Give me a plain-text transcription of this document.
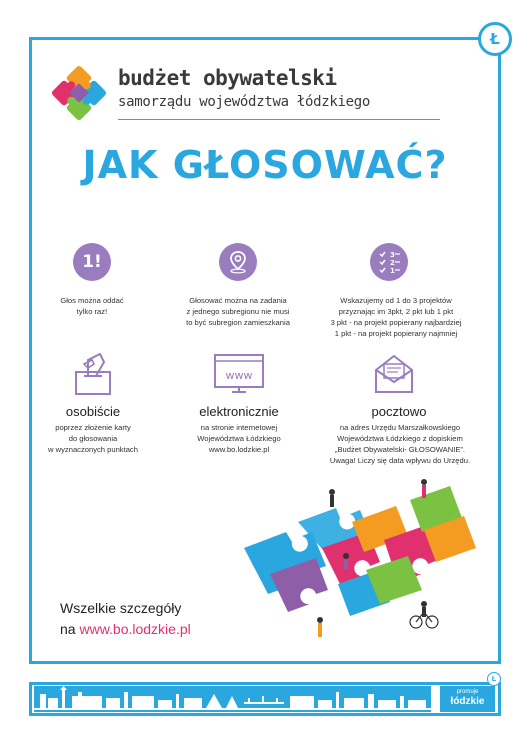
Ł
budżet obywatelski
samorządu województwa łódzkiego
JAK GŁOSOWAĆ?
1!	3
2
1
Głos można oddać
tylko raz!
Głosować można na zadania
z jednego subregionu nie musi
to być subregion zamieszkania
Wskazujemy od 1 do 3 projektów
przyznając im 3pkt, 2 pkt lub 1 pkt
3 pkt - na projekt popierany najbardziej
1 pkt - na projekt popierany najmniej
www
osobiście	elektronicznie	pocztowo
poprzez złożenie karty
do głosowania
w wyznaczonych punktach
na stronie internetowej
Województwa Łódzkiego
www.bo.lodzkie.pl
na adres Urzędu Marszałkowskiego
Województwa Łódzkiego z dopiskiem
„Budżet Obywatelski- GŁOSOWANIE”.
Uwaga! Liczy się data wpływu do Urzędu.
Wszelkie szczegóły
na www.bo.lodzkie.pl
promuje
łódzkie
Ł
